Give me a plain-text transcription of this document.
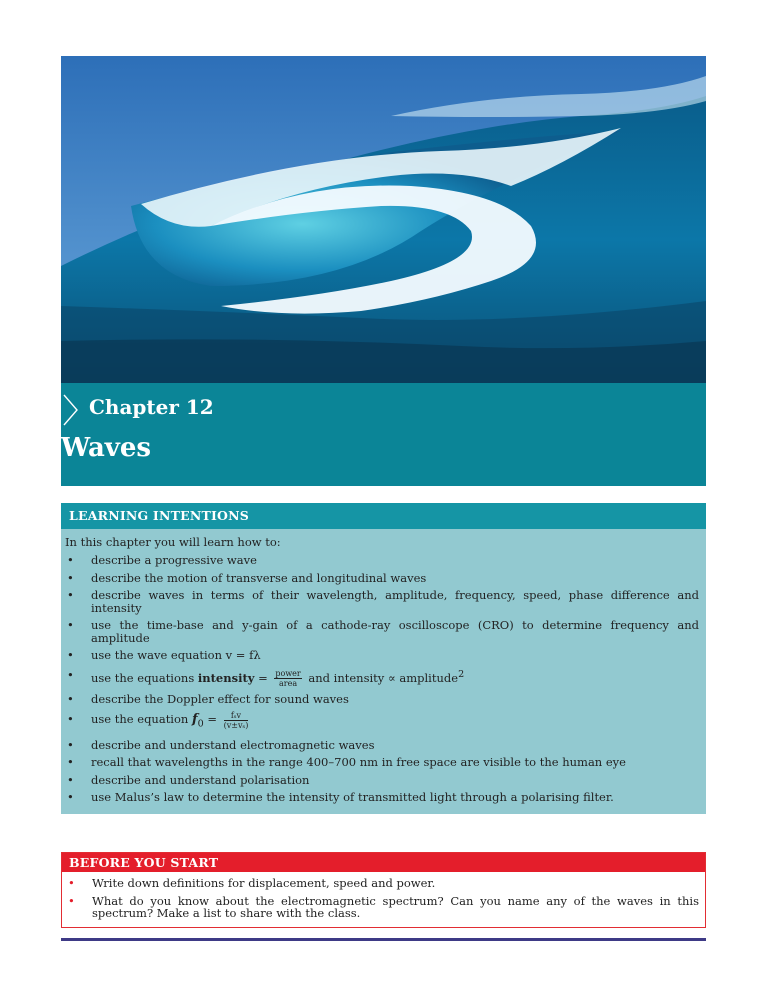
Chapter 12
Waves
LEARNING INTENTIONS
In this chapter you will learn how to:
• describe a progressive wave
• describe the motion of transverse and longitudinal waves
• describe waves in terms of their wavelength, amplitude, frequency, speed, phase difference and intensity
• use the time-base and y-gain of a cathode-ray oscilloscope (CRO) to determine frequency and amplitude
• use the wave equation v = fλ
• use the equations intensity = $\frac{\text{power}}{\text{area}}$ and intensity ∝ amplitude$^2$
• describe the Doppler effect for sound waves
• use the equation $f_0 = \frac{\text{fₛv}}{\text{(v±vₛ)}}$
• describe and understand electromagnetic waves
• recall that wavelengths in the range 400–700 nm in free space are visible to the human eye
• describe and understand polarisation
• use Malus’s law to determine the intensity of transmitted light through a polarising filter.
BEFORE YOU START
• Write down definitions for displacement, speed and power.
• What do you know about the electromagnetic spectrum? Can you name any of the waves in this spectrum? Make a list to share with the class.
